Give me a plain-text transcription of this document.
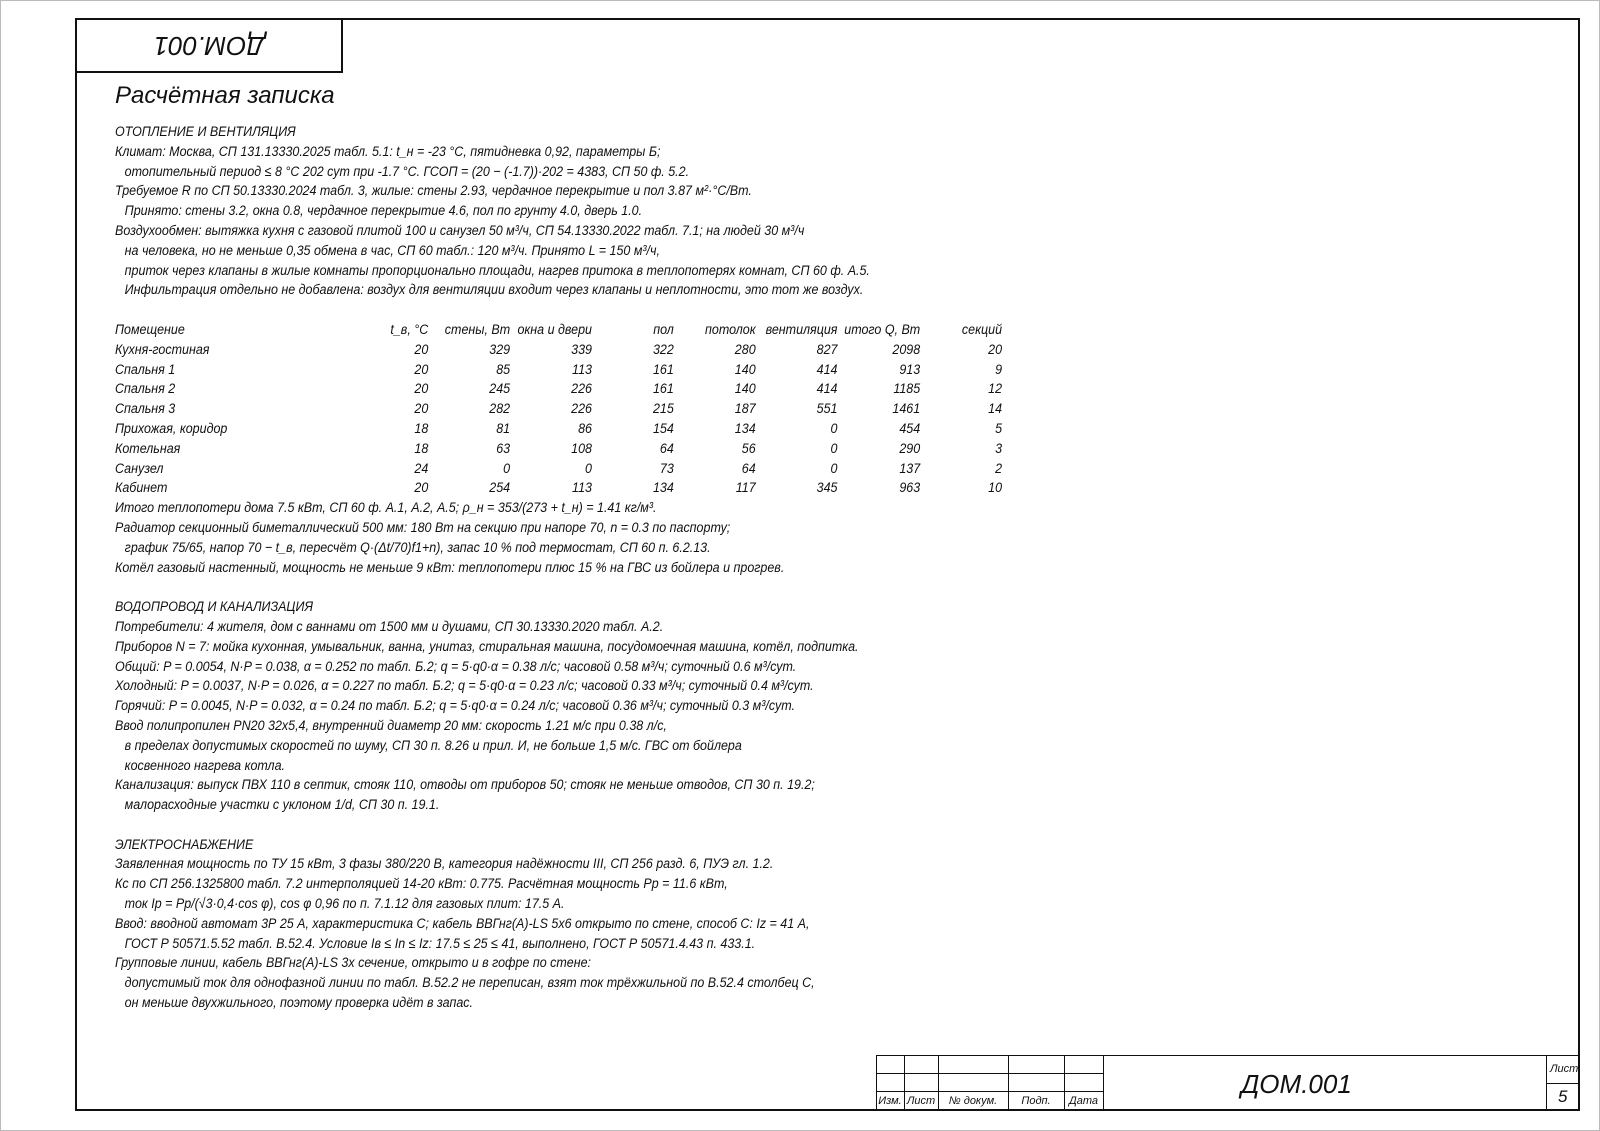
ДОМ.001
Расчётная записка
ОТОПЛЕНИЕ И ВЕНТИЛЯЦИЯ
Климат: Москва, СП 131.13330.2025 табл. 5.1: t_н = -23 °С, пятидневка 0,92, параметры Б;
отопительный период ≤ 8 °С 202 сут при -1.7 °С. ГСОП = (20 − (-1.7))·202 = 4383, СП 50 ф. 5.2.
Требуемое R по СП 50.13330.2024 табл. 3, жилые: стены 2.93, чердачное перекрытие и пол 3.87 м²·°С/Вт.
Принято: стены 3.2, окна 0.8, чердачное перекрытие 4.6, пол по грунту 4.0, дверь 1.0.
Воздухообмен: вытяжка кухня с газовой плитой 100 и санузел 50 м³/ч, СП 54.13330.2022 табл. 7.1; на людей 30 м³/ч
на человека, но не меньше 0,35 обмена в час, СП 60 табл.: 120 м³/ч. Принято L = 150 м³/ч,
приток через клапаны в жилые комнаты пропорционально площади, нагрев притока в теплопотерях комнат, СП 60 ф. А.5.
Инфильтрация отдельно не добавлена: воздух для вентиляции входит через клапаны и неплотности, это тот же воздух.
Помещение	t_в, °С	стены, Вт	окна и двери	пол	потолок	вентиляция	итого Q, Вт	секций
Кухня-гостиная	20	329	339	322	280	827	2098	20
Спальня 1	20	85	113	161	140	414	913	9
Спальня 2	20	245	226	161	140	414	1185	12
Спальня 3	20	282	226	215	187	551	1461	14
Прихожая, коридор	18	81	86	154	134	0	454	5
Котельная	18	63	108	64	56	0	290	3
Санузел	24	0	0	73	64	0	137	2
Кабинет	20	254	113	134	117	345	963	10
Итого теплопотери дома 7.5 кВт, СП 60 ф. А.1, А.2, А.5; ρ_н = 353/(273 + t_н) = 1.41 кг/м³.
Радиатор секционный биметаллический 500 мм: 180 Вт на секцию при напоре 70, n = 0.3 по паспорту;
график 75/65, напор 70 − t_в, пересчёт Q·(Δt/70)f1+n), запас 10 % под термостат, СП 60 п. 6.2.13.
Котёл газовый настенный, мощность не меньше 9 кВт: теплопотери плюс 15 % на ГВС из бойлера и прогрев.
ВОДОПРОВОД И КАНАЛИЗАЦИЯ
Потребители: 4 жителя, дом с ваннами от 1500 мм и душами, СП 30.13330.2020 табл. А.2.
Приборов N = 7: мойка кухонная, умывальник, ванна, унитаз, стиральная машина, посудомоечная машина, котёл, подпитка.
Общий: P = 0.0054, N·P = 0.038, α = 0.252 по табл. Б.2; q = 5·q0·α = 0.38 л/с; часовой 0.58 м³/ч; суточный 0.6 м³/сут.
Холодный: P = 0.0037, N·P = 0.026, α = 0.227 по табл. Б.2; q = 5·q0·α = 0.23 л/с; часовой 0.33 м³/ч; суточный 0.4 м³/сут.
Горячий: P = 0.0045, N·P = 0.032, α = 0.24 по табл. Б.2; q = 5·q0·α = 0.24 л/с; часовой 0.36 м³/ч; суточный 0.3 м³/сут.
Ввод полипропилен PN20 32х5,4, внутренний диаметр 20 мм: скорость 1.21 м/с при 0.38 л/с,
в пределах допустимых скоростей по шуму, СП 30 п. 8.26 и прил. И, не больше 1,5 м/с. ГВС от бойлера
косвенного нагрева котла.
Канализация: выпуск ПВХ 110 в септик, стояк 110, отводы от приборов 50; стояк не меньше отводов, СП 30 п. 19.2;
малорасходные участки с уклоном 1/d, СП 30 п. 19.1.
ЭЛЕКТРОСНАБЖЕНИЕ
Заявленная мощность по ТУ 15 кВт, 3 фазы 380/220 В, категория надёжности III, СП 256 разд. 6, ПУЭ гл. 1.2.
Кс по СП 256.1325800 табл. 7.2 интерполяцией 14-20 кВт: 0.775. Расчётная мощность Рр = 11.6 кВт,
ток Ір = Рр/(√3·0,4·cos φ), cos φ 0,96 по п. 7.1.12 для газовых плит: 17.5 А.
Ввод: вводной автомат 3Р 25 А, характеристика С; кабель ВВГнг(А)-LS 5х6 открыто по стене, способ С: Iz = 41 А,
ГОСТ Р 50571.5.52 табл. В.52.4. Условие Iв ≤ In ≤ Iz: 17.5 ≤ 25 ≤ 41, выполнено, ГОСТ Р 50571.4.43 п. 433.1.
Групповые линии, кабель ВВГнг(А)-LS 3х сечение, открыто и в гофре по стене:
допустимый ток для однофазной линии по табл. В.52.2 не переписан, взят ток трёхжильной по В.52.4 столбец С,
он меньше двухжильного, поэтому проверка идёт в запас.
Изм. Лист	№ докум.	Подп.	Дата
ДОМ.001	Лист
5
